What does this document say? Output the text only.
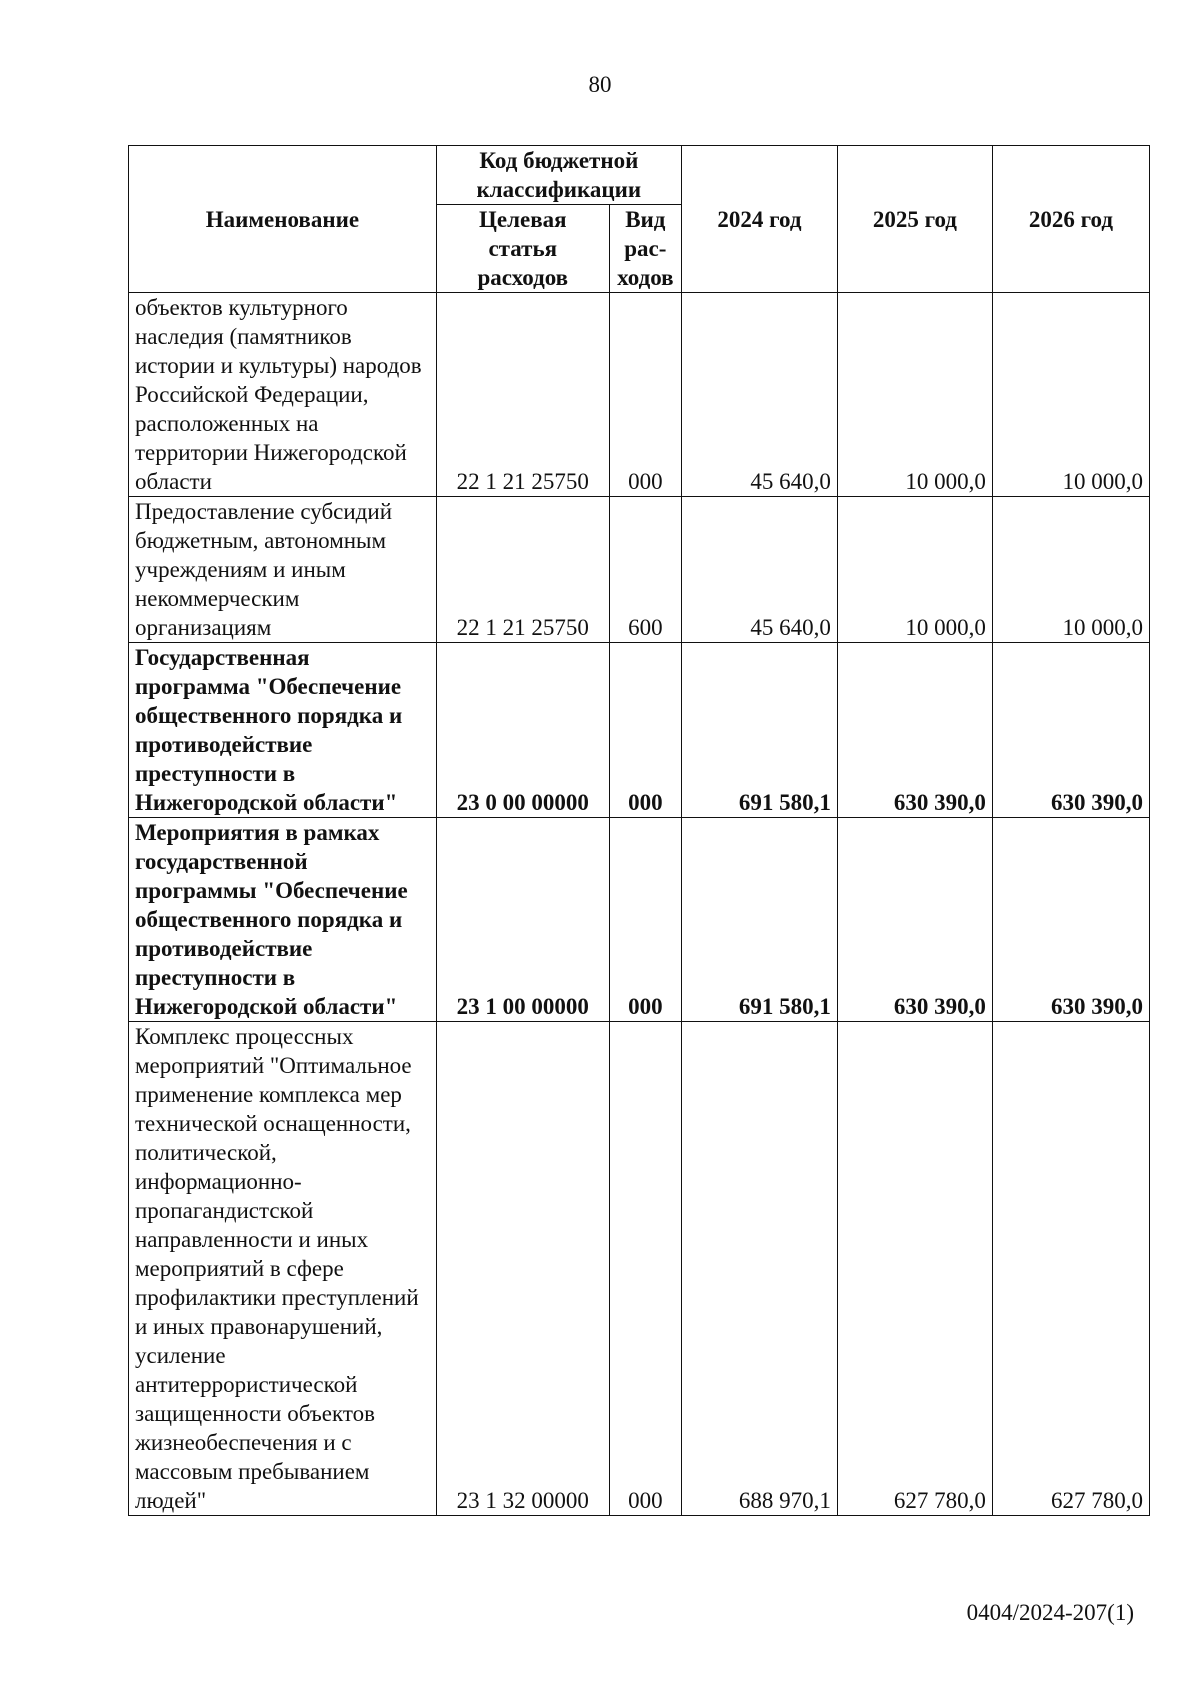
80
Наименование	Код бюджетной классификации		2024 год	2025 год	2026 год
	Целевая статья расходов	Вид рас-ходов			
объектов культурного наследия (памятников истории и культуры) народов Российской Федерации, расположенных на территории Нижегородской области	22 1 21 25750	000	45 640,0	10 000,0	10 000,0
Предоставление субсидий бюджетным, автономным учреждениям и иным некоммерческим организациям	22 1 21 25750	600	45 640,0	10 000,0	10 000,0
Государственная программа "Обеспечение общественного порядка и противодействие преступности в Нижегородской области"	23 0 00 00000	000	691 580,1	630 390,0	630 390,0
Мероприятия в рамках государственной программы "Обеспечение общественного порядка и противодействие преступности в Нижегородской области"	23 1 00 00000	000	691 580,1	630 390,0	630 390,0
Комплекс процессных мероприятий "Оптимальное применение комплекса мер технической оснащенности, политической, информационно-пропагандистской направленности и иных мероприятий в сфере профилактики преступлений и иных правонарушений, усиление антитеррористической защищенности объектов жизнеобеспечения и с массовым пребыванием людей"	23 1 32 00000	000	688 970,1	627 780,0	627 780,0
0404/2024-207(1)
